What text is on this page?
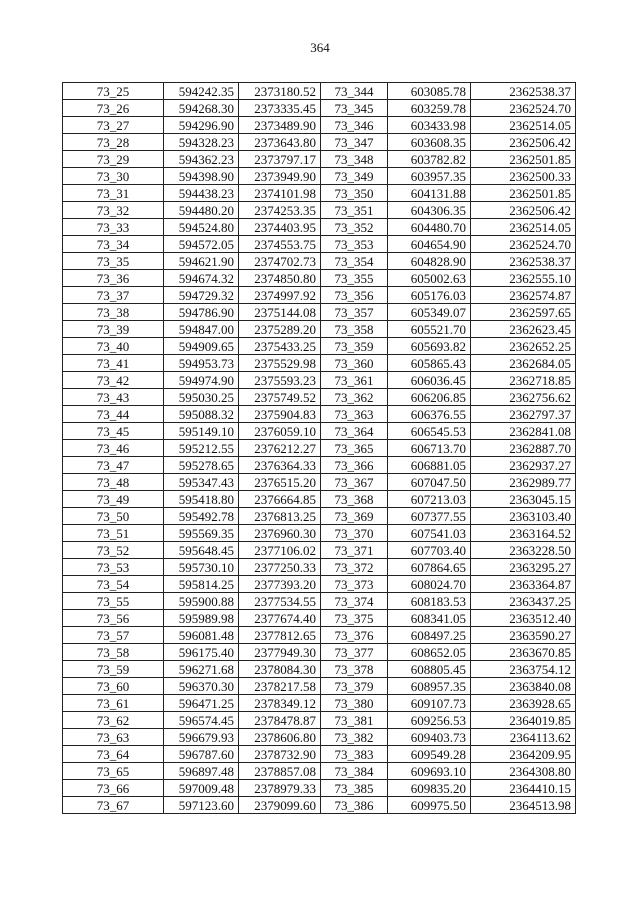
364
73_25	594242.35	2373180.52	73_344	603085.78	2362538.37
73_26	594268.30	2373335.45	73_345	603259.78	2362524.70
73_27	594296.90	2373489.90	73_346	603433.98	2362514.05
73_28	594328.23	2373643.80	73_347	603608.35	2362506.42
73_29	594362.23	2373797.17	73_348	603782.82	2362501.85
73_30	594398.90	2373949.90	73_349	603957.35	2362500.33
73_31	594438.23	2374101.98	73_350	604131.88	2362501.85
73_32	594480.20	2374253.35	73_351	604306.35	2362506.42
73_33	594524.80	2374403.95	73_352	604480.70	2362514.05
73_34	594572.05	2374553.75	73_353	604654.90	2362524.70
73_35	594621.90	2374702.73	73_354	604828.90	2362538.37
73_36	594674.32	2374850.80	73_355	605002.63	2362555.10
73_37	594729.32	2374997.92	73_356	605176.03	2362574.87
73_38	594786.90	2375144.08	73_357	605349.07	2362597.65
73_39	594847.00	2375289.20	73_358	605521.70	2362623.45
73_40	594909.65	2375433.25	73_359	605693.82	2362652.25
73_41	594953.73	2375529.98	73_360	605865.43	2362684.05
73_42	594974.90	2375593.23	73_361	606036.45	2362718.85
73_43	595030.25	2375749.52	73_362	606206.85	2362756.62
73_44	595088.32	2375904.83	73_363	606376.55	2362797.37
73_45	595149.10	2376059.10	73_364	606545.53	2362841.08
73_46	595212.55	2376212.27	73_365	606713.70	2362887.70
73_47	595278.65	2376364.33	73_366	606881.05	2362937.27
73_48	595347.43	2376515.20	73_367	607047.50	2362989.77
73_49	595418.80	2376664.85	73_368	607213.03	2363045.15
73_50	595492.78	2376813.25	73_369	607377.55	2363103.40
73_51	595569.35	2376960.30	73_370	607541.03	2363164.52
73_52	595648.45	2377106.02	73_371	607703.40	2363228.50
73_53	595730.10	2377250.33	73_372	607864.65	2363295.27
73_54	595814.25	2377393.20	73_373	608024.70	2363364.87
73_55	595900.88	2377534.55	73_374	608183.53	2363437.25
73_56	595989.98	2377674.40	73_375	608341.05	2363512.40
73_57	596081.48	2377812.65	73_376	608497.25	2363590.27
73_58	596175.40	2377949.30	73_377	608652.05	2363670.85
73_59	596271.68	2378084.30	73_378	608805.45	2363754.12
73_60	596370.30	2378217.58	73_379	608957.35	2363840.08
73_61	596471.25	2378349.12	73_380	609107.73	2363928.65
73_62	596574.45	2378478.87	73_381	609256.53	2364019.85
73_63	596679.93	2378606.80	73_382	609403.73	2364113.62
73_64	596787.60	2378732.90	73_383	609549.28	2364209.95
73_65	596897.48	2378857.08	73_384	609693.10	2364308.80
73_66	597009.48	2378979.33	73_385	609835.20	2364410.15
73_67	597123.60	2379099.60	73_386	609975.50	2364513.98
